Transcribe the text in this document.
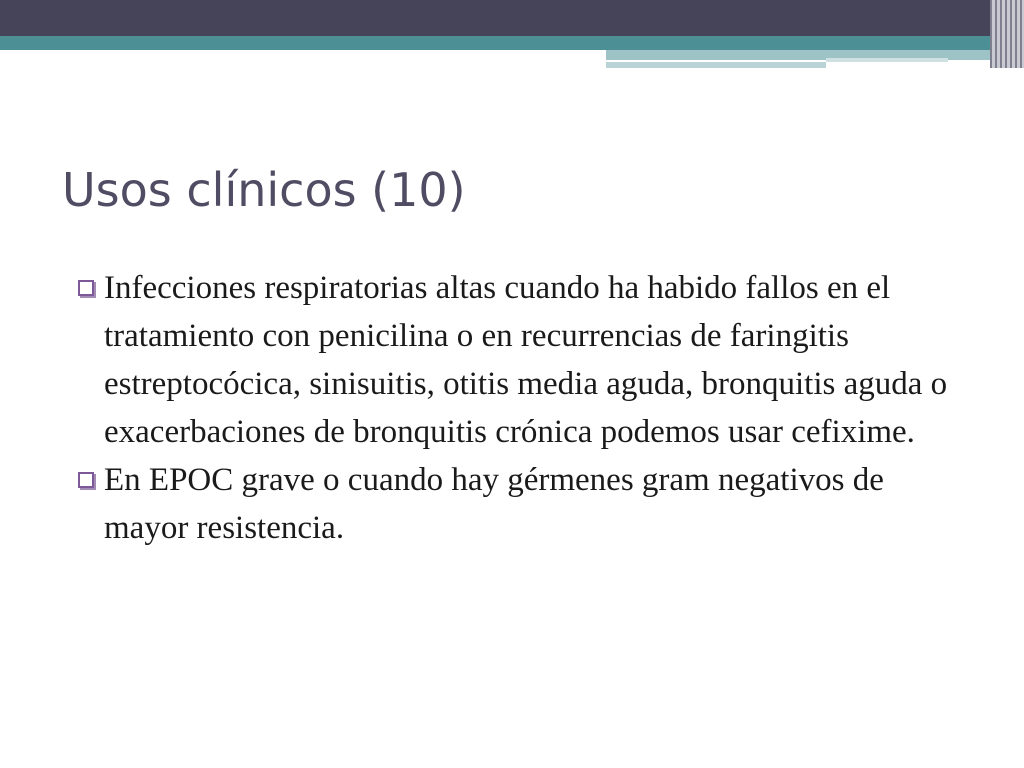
Usos clínicos (10)
Infecciones respiratorias altas cuando ha habido fallos en el tratamiento con penicilina o en recurrencias de faringitis estreptocócica, sinisuitis, otitis media aguda, bronquitis aguda o exacerbaciones de bronquitis crónica podemos usar cefixime.
En EPOC grave o cuando hay gérmenes gram negativos de mayor resistencia.
